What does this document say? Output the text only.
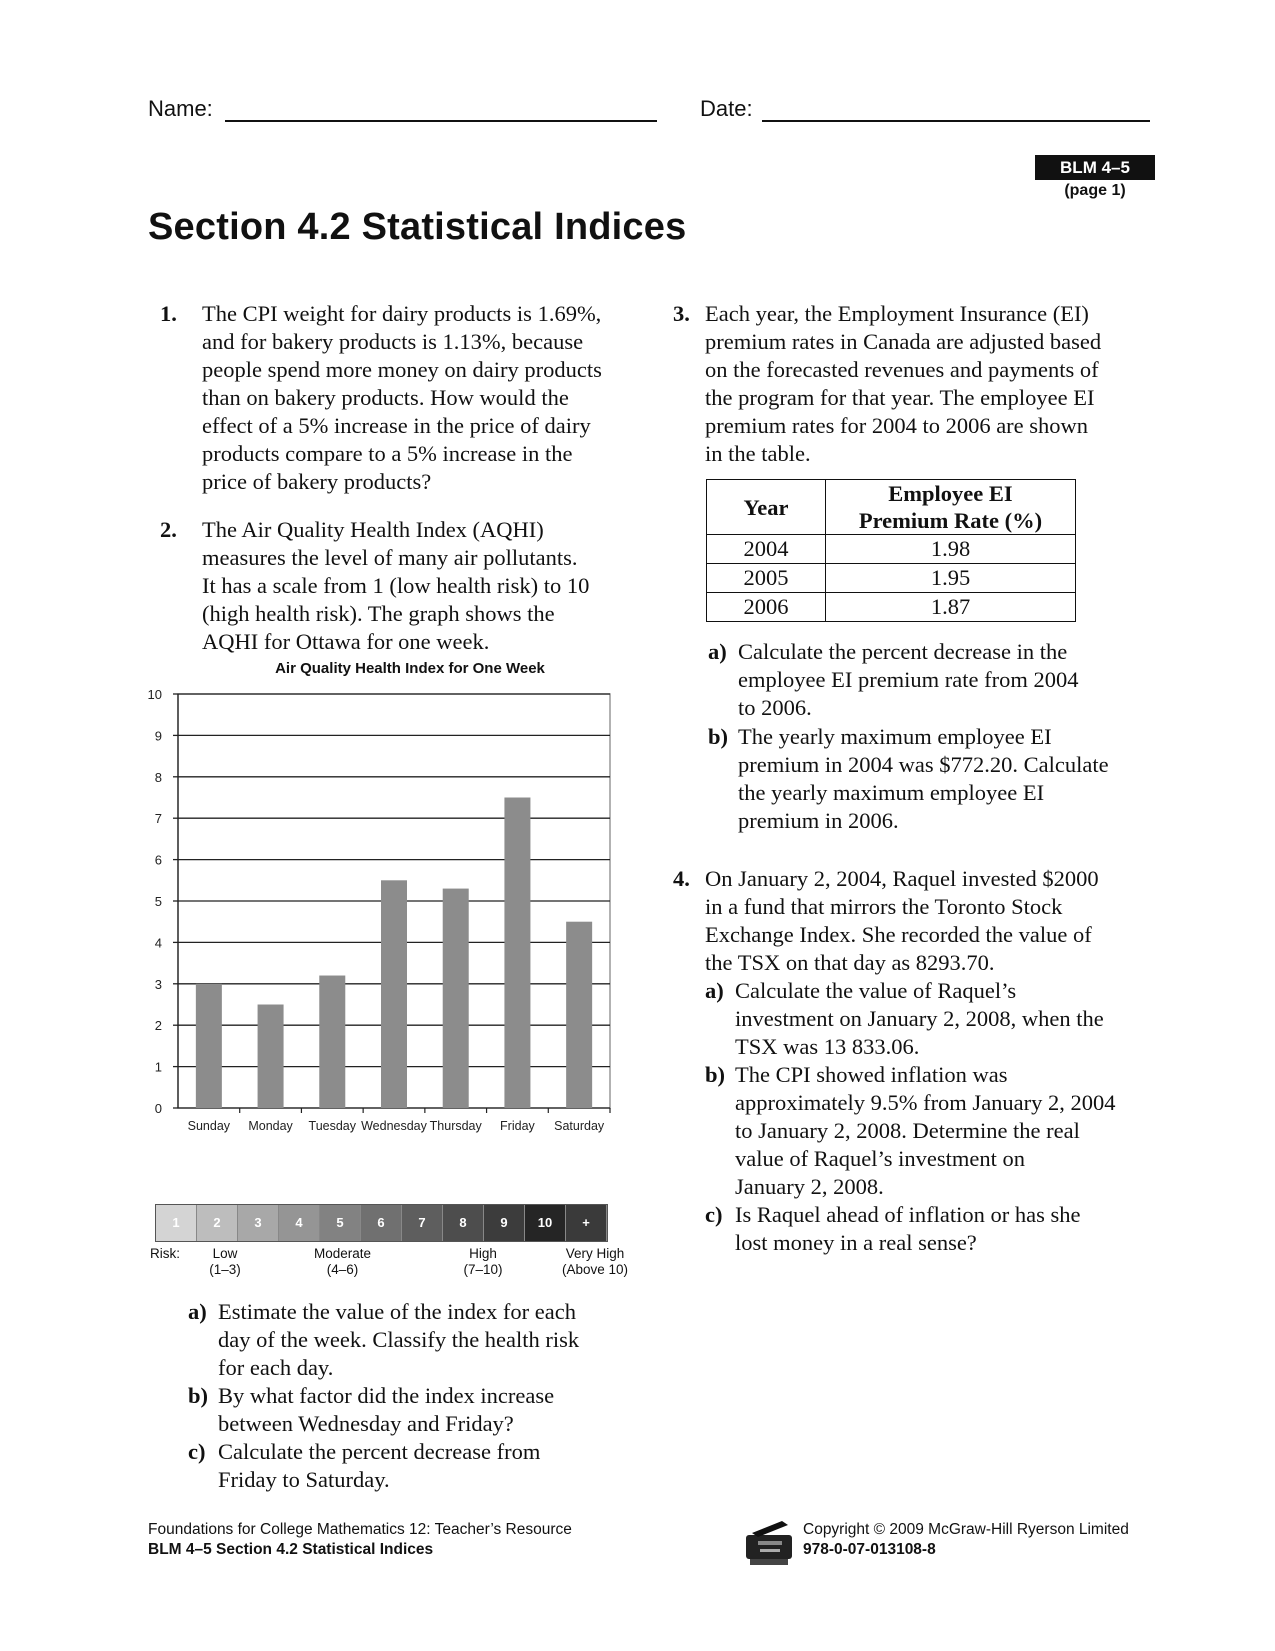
Name:	Date:
BLM 4–5
(page 1)
Section 4.2 Statistical Indices
1. The CPI weight for dairy products is 1.69%,
and for bakery products is 1.13%, because
people spend more money on dairy products
than on bakery products. How would the
effect of a 5% increase in the price of dairy
products compare to a 5% increase in the
price of bakery products?
2. The Air Quality Health Index (AQHI)
measures the level of many air pollutants.
It has a scale from 1 (low health risk) to 10
(high health risk). The graph shows the
AQHI for Ottawa for one week.
Air Quality Health Index for One Week
0
1
2
3
4
5
6
7
8
9
10
Sunday Monday Tuesday Wednesday Thursday Friday Saturday
1	2	3	4	5	6	7	8	9	10	+
Risk:	Low
(1–3)
Moderate
(4–6)
High
(7–10)
Very High
(Above 10)
a) Estimate the value of the index for each
day of the week. Classify the health risk
for each day.
b) By what factor did the index increase
between Wednesday and Friday?
c) Calculate the percent decrease from
Friday to Saturday.
3. Each year, the Employment Insurance (EI)
premium rates in Canada are adjusted based
on the forecasted revenues and payments of
the program for that year. The employee EI
premium rates for 2004 to 2006 are shown
in the table.
Year	Employee EI
Premium Rate (%)

2004	1.98
2005	1.95
2006	1.87
a) Calculate the percent decrease in the
employee EI premium rate from 2004
to 2006.
b) The yearly maximum employee EI
premium in 2004 was $772.20. Calculate
the yearly maximum employee EI
premium in 2006.
4. On January 2, 2004, Raquel invested $2000
in a fund that mirrors the Toronto Stock
Exchange Index. She recorded the value of
the TSX on that day as 8293.70.
a) Calculate the value of Raquel’s
investment on January 2, 2008, when the
TSX was 13 833.06.
b) The CPI showed inflation was
approximately 9.5% from January 2, 2004
to January 2, 2008. Determine the real
value of Raquel’s investment on
January 2, 2008.
c) Is Raquel ahead of inflation or has she
lost money in a real sense?
Foundations for College Mathematics 12: Teacher’s Resource
BLM 4–5 Section 4.2 Statistical Indices
Copyright © 2009 McGraw-Hill Ryerson Limited
978-0-07-013108-8
